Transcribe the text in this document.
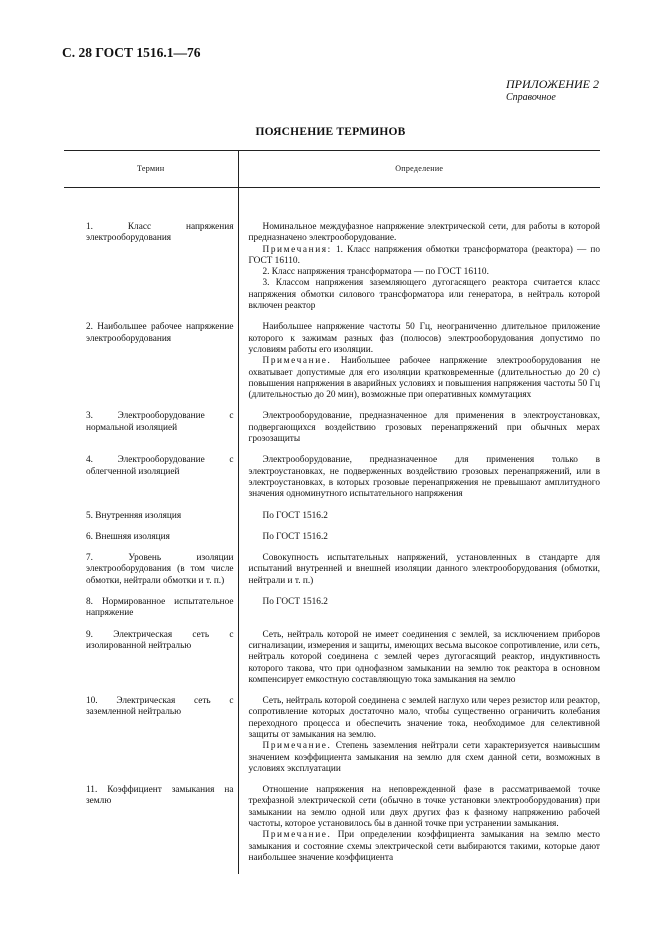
С. 28 ГОСТ 1516.1—76
ПРИЛОЖЕНИЕ 2
Справочное
ПОЯСНЕНИЕ ТЕРМИНОВ
Термин	Определение

1. Класс напряжения электрооборудования	Номинальное междуфазное напряжение электрической сети, для работы в которой предназначено электрооборудование.

Примечания: 1. Класс напряжения обмотки трансформатора (реактора) — по ГОСТ 16110.

2. Класс напряжения трансформатора — по ГОСТ 16110.

3. Классом напряжения заземляющего дугогасящего реактора считается класс напряжения обмотки силового трансформатора или генератора, в нейтраль которой включен реактор

2. Наибольшее рабочее напряжение электрооборудования	Наибольшее напряжение частоты 50 Гц, неограниченно длительное приложение которого к зажимам разных фаз (полюсов) электрооборудования допустимо по условиям работы его изоляции.

Примечание. Наибольшее рабочее напряжение электрооборудования не охватывает допустимые для его изоляции кратковременные (длительностью до 20 с) повышения напряжения в аварийных условиях и повышения напряжения частоты 50 Гц (длительностью до 20 мин), возможные при оперативных коммутациях

3. Электрооборудование с нормальной изоляцией	Электрооборудование, предназначенное для применения в электроустановках, подвергающихся воздействию грозовых перенапряжений при обычных мерах грозозащиты

4. Электрооборудование с облегченной изоляцией	Электрооборудование, предназначенное для применения только в электроустановках, не подверженных воздействию грозовых перенапряжений, или в электроустановках, в которых грозовые перенапряжения не превышают амплитудного значения одноминутного испытательного напряжения

5. Внутренняя изоляция	По ГОСТ 1516.2

6. Внешняя изоляция	По ГОСТ 1516.2

7. Уровень изоляции электрооборудования (в том числе обмотки, нейтрали обмотки и т. п.)	Совокупность испытательных напряжений, установленных в стандарте для испытаний внутренней и внешней изоляции данного электрооборудования (обмотки, нейтрали и т. п.)

8. Нормированное испытательное напряжение	По ГОСТ 1516.2

9. Электрическая сеть с изолированной нейтралью	Сеть, нейтраль которой не имеет соединения с землей, за исключением приборов сигнализации, измерения и защиты, имеющих весьма высокое сопротивление, или сеть, нейтраль которой соединена с землей через дугогасящий реактор, индуктивность которого такова, что при однофазном замыкании на землю ток реактора в основном компенсирует емкостную составляющую тока замыкания на землю

10. Электрическая сеть с заземленной нейтралью	Сеть, нейтраль которой соединена с землей наглухо или через резистор или реактор, сопротивление которых достаточно мало, чтобы существенно ограничить колебания переходного процесса и обеспечить значение тока, необходимое для селективной защиты от замыкания на землю.

Примечание. Степень заземления нейтрали сети характеризуется наивысшим значением коэффициента замыкания на землю для схем данной сети, возможных в условиях эксплуатации

11. Коэффициент замыкания на землю	Отношение напряжения на неповрежденной фазе в рассматриваемой точке трехфазной электрической сети (обычно в точке установки электрооборудования) при замыкании на землю одной или двух других фаз к фазному напряжению рабочей частоты, которое установилось бы в данной точке при устранении замыкания.

Примечание. При определении коэффициента замыкания на землю место замыкания и состояние схемы электрической сети выбираются такими, которые дают наибольшее значение коэффициента
